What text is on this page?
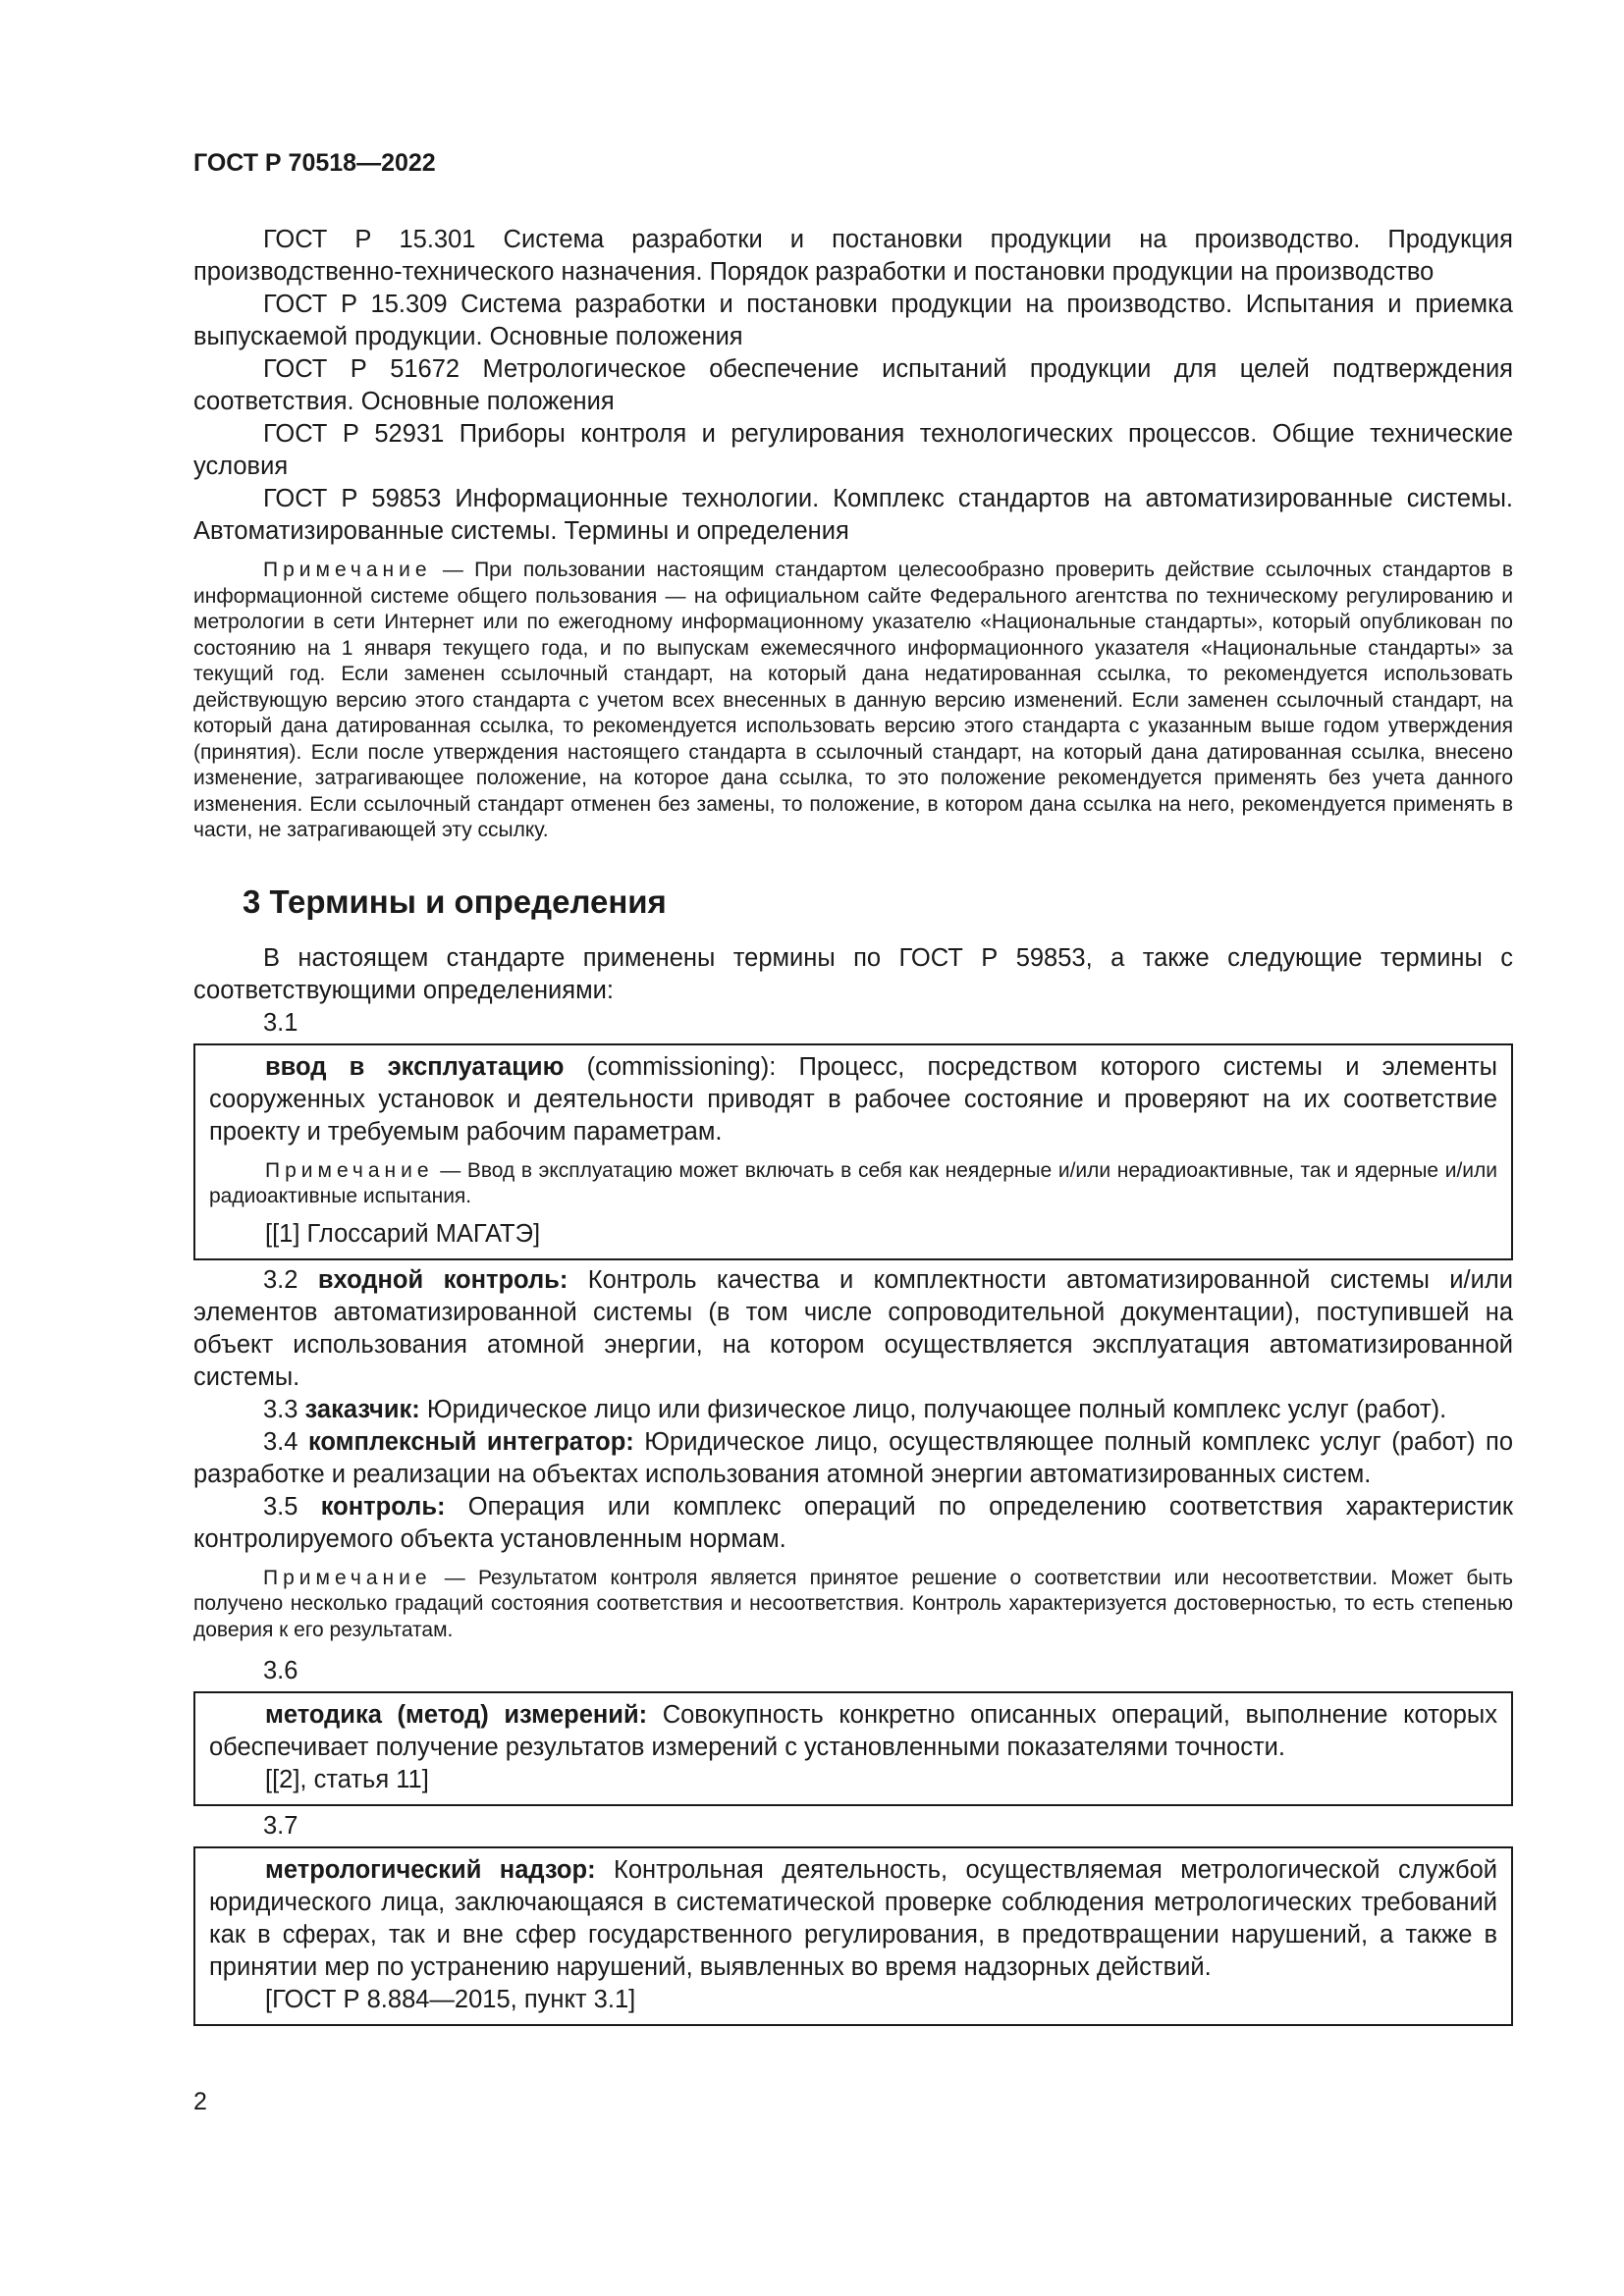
ГОСТ Р 70518—2022

ГОСТ Р 15.301 Система разработки и постановки продукции на производство. Продукция производственно-технического назначения. Порядок разработки и постановки продукции на производство

ГОСТ Р 15.309 Система разработки и постановки продукции на производство. Испытания и приемка выпускаемой продукции. Основные положения

ГОСТ Р 51672 Метрологическое обеспечение испытаний продукции для целей подтверждения соответствия. Основные положения

ГОСТ Р 52931 Приборы контроля и регулирования технологических процессов. Общие технические условия

ГОСТ Р 59853 Информационные технологии. Комплекс стандартов на автоматизированные системы. Автоматизированные системы. Термины и определения

Примечание — При пользовании настоящим стандартом целесообразно проверить действие ссылочных стандартов в информационной системе общего пользования — на официальном сайте Федерального агентства по техническому регулированию и метрологии в сети Интернет или по ежегодному информационному указателю «Национальные стандарты», который опубликован по состоянию на 1 января текущего года, и по выпускам ежемесячного информационного указателя «Национальные стандарты» за текущий год. Если заменен ссылочный стандарт, на который дана недатированная ссылка, то рекомендуется использовать действующую версию этого стандарта с учетом всех внесенных в данную версию изменений. Если заменен ссылочный стандарт, на который дана датированная ссылка, то рекомендуется использовать версию этого стандарта с указанным выше годом утверждения (принятия). Если после утверждения настоящего стандарта в ссылочный стандарт, на который дана датированная ссылка, внесено изменение, затрагивающее положение, на которое дана ссылка, то это положение рекомендуется применять без учета данного изменения. Если ссылочный стандарт отменен без замены, то положение, в котором дана ссылка на него, рекомендуется применять в части, не затрагивающей эту ссылку.

3 Термины и определения

В настоящем стандарте применены термины по ГОСТ Р 59853, а также следующие термины с соответствующими определениями:

3.1

ввод в эксплуатацию (commissioning): Процесс, посредством которого системы и элементы сооруженных установок и деятельности приводят в рабочее состояние и проверяют на их соответствие проекту и требуемым рабочим параметрам.

Примечание — Ввод в эксплуатацию может включать в себя как неядерные и/или нерадиоактивные, так и ядерные и/или радиоактивные испытания.

[[1] Глоссарий МАГАТЭ]

3.2 входной контроль: Контроль качества и комплектности автоматизированной системы и/или элементов автоматизированной системы (в том числе сопроводительной документации), поступившей на объект использования атомной энергии, на котором осуществляется эксплуатация автоматизированной системы.

3.3 заказчик: Юридическое лицо или физическое лицо, получающее полный комплекс услуг (работ).

3.4 комплексный интегратор: Юридическое лицо, осуществляющее полный комплекс услуг (работ) по разработке и реализации на объектах использования атомной энергии автоматизированных систем.

3.5 контроль: Операция или комплекс операций по определению соответствия характеристик контролируемого объекта установленным нормам.

Примечание — Результатом контроля является принятое решение о соответствии или несоответствии. Может быть получено несколько градаций состояния соответствия и несоответствия. Контроль характеризуется достоверностью, то есть степенью доверия к его результатам.

3.6

методика (метод) измерений: Совокупность конкретно описанных операций, выполнение которых обеспечивает получение результатов измерений с установленными показателями точности.

[[2], статья 11]

3.7

метрологический надзор: Контрольная деятельность, осуществляемая метрологической службой юридического лица, заключающаяся в систематической проверке соблюдения метрологических требований как в сферах, так и вне сфер государственного регулирования, в предотвращении нарушений, а также в принятии мер по устранению нарушений, выявленных во время надзорных действий.

[ГОСТ Р 8.884—2015, пункт 3.1]

2
